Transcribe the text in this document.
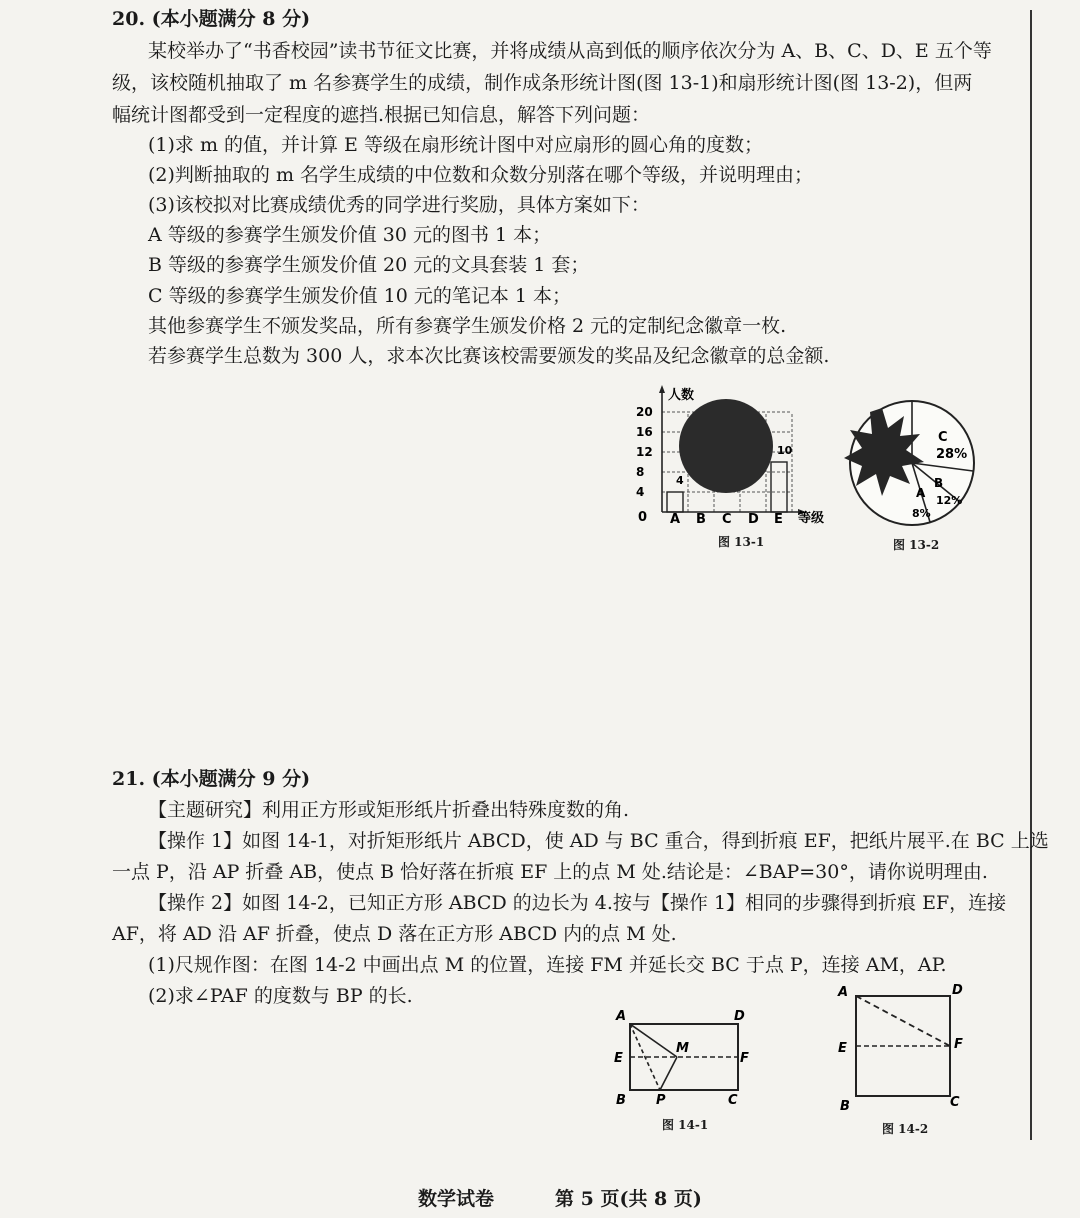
20. (本小题满分 8 分)
某校举办了“书香校园”读书节征文比赛，并将成绩从高到低的顺序依次分为 A、B、C、D、E 五个等
级，该校随机抽取了 m 名参赛学生的成绩，制作成条形统计图(图 13-1)和扇形统计图(图 13-2)，但两
幅统计图都受到一定程度的遮挡.根据已知信息，解答下列问题：
(1)求 m 的值，并计算 E 等级在扇形统计图中对应扇形的圆心角的度数；
(2)判断抽取的 m 名学生成绩的中位数和众数分别落在哪个等级，并说明理由；
(3)该校拟对比赛成绩优秀的同学进行奖励，具体方案如下：
A 等级的参赛学生颁发价值 30 元的图书 1 本；
B 等级的参赛学生颁发价值 20 元的文具套装 1 套；
C 等级的参赛学生颁发价值 10 元的笔记本 1 本；
其他参赛学生不颁发奖品，所有参赛学生颁发价格 2 元的定制纪念徽章一枚.
若参赛学生总数为 300 人，求本次比赛该校需要颁发的奖品及纪念徽章的总金额.
人数
等级
0
4
8
12
16
20
A B C D E
4
10
图 13-1
C
28%
B
12%
A
8%
图 13-2
21. (本小题满分 9 分)
【主题研究】利用正方形或矩形纸片折叠出特殊度数的角.
【操作 1】如图 14-1，对折矩形纸片 ABCD，使 AD 与 BC 重合，得到折痕 EF，把纸片展平.在 BC 上选
一点 P，沿 AP 折叠 AB，使点 B 恰好落在折痕 EF 上的点 M 处.结论是：∠BAP=30°，请你说明理由.
【操作 2】如图 14-2，已知正方形 ABCD 的边长为 4.按与【操作 1】相同的步骤得到折痕 EF，连接
AF，将 AD 沿 AF 折叠，使点 D 落在正方形 ABCD 内的点 M 处.
(1)尺规作图：在图 14-2 中画出点 M 的位置，连接 FM 并延长交 BC 于点 P，连接 AM，AP.
(2)求∠PAF 的度数与 BP 的长.
A	D
E	F
M
B P	C
图 14-1
A	D
E	F
B	C
图 14-2
数学试卷	第 5 页(共 8 页)
